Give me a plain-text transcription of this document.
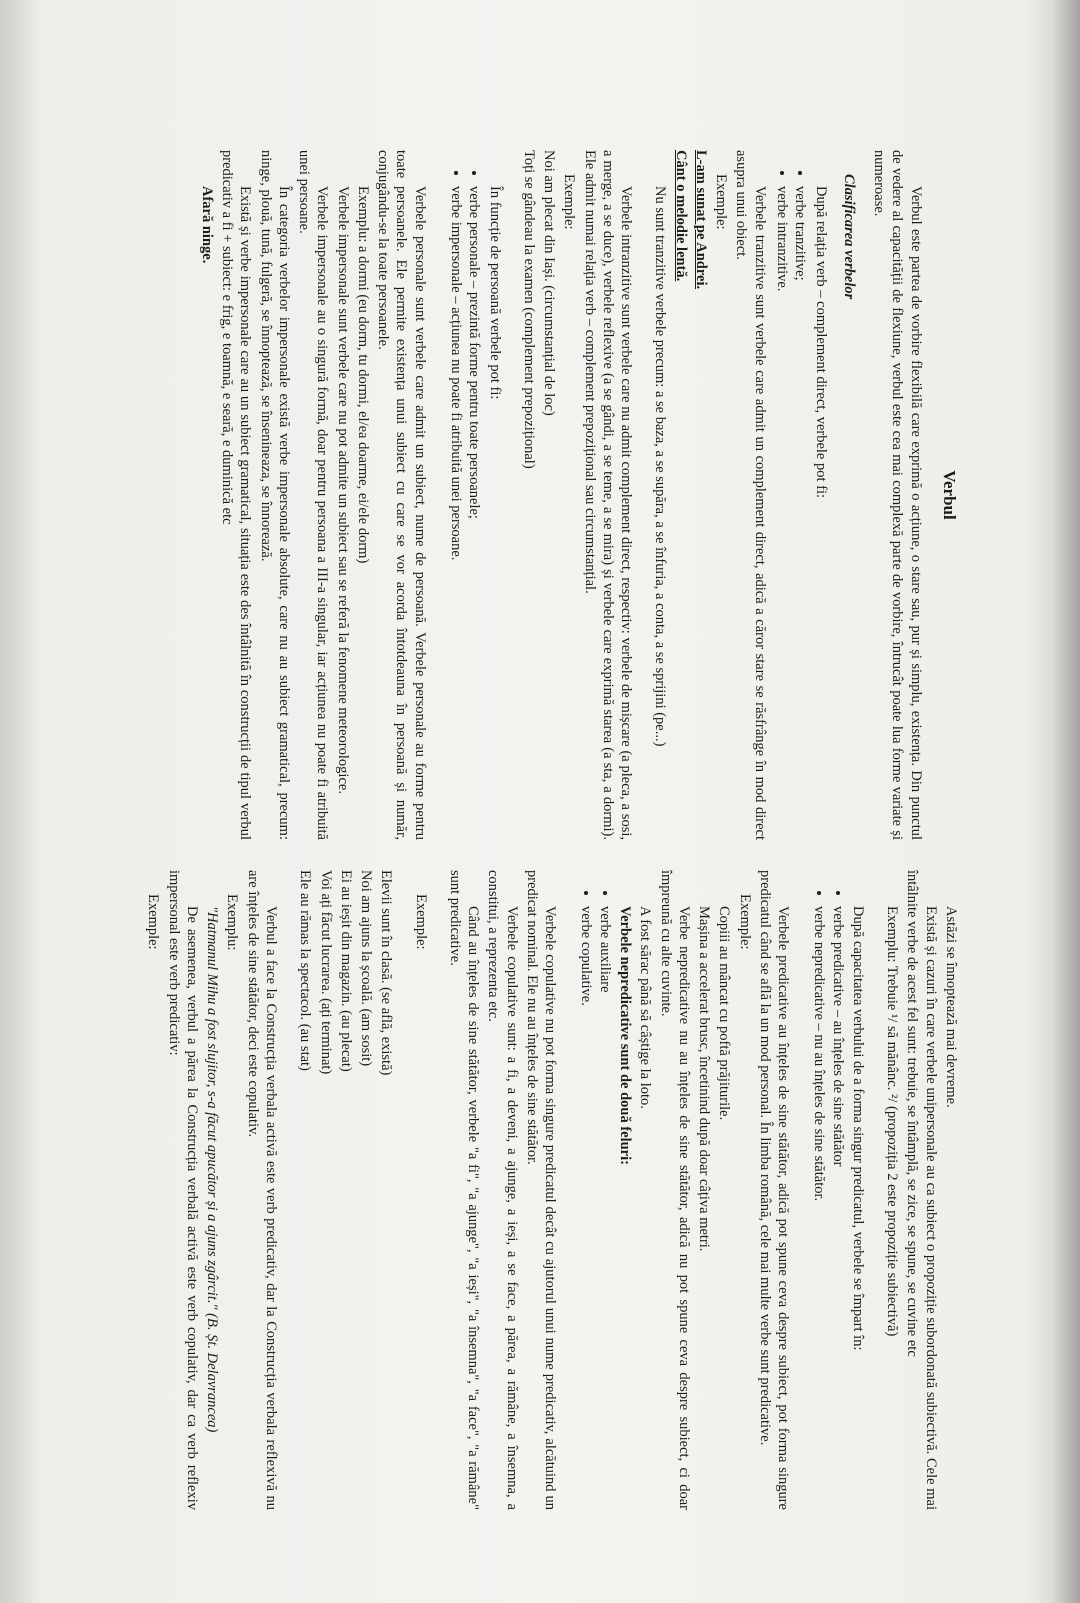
Verbul

Verbul este partea de vorbire flexibilă care exprimă o acțiune, o stare sau, pur și simplu, existența. Din punctul de vedere al capacității de flexiune, verbul este cea mai complexă parte de vorbire, întrucât poate lua forme variate și numeroase.

Clasificarea verbelor

După relația verb – complement direct, verbele pot fi:

• verbe tranzitive;
• verbe intranzitive.

Verbele tranzitive sunt verbele care admit un complement direct, adică a căror stare se răsfrânge în mod direct asupra unui obiect.

Exemple:

L-am sunat pe Andrei.

Cânt o melodie lentă.

Nu sunt tranzitive verbele precum: a se baza, a se supăra, a se înfuria, a conta, a se sprijini (pe...)

Verbele intranzitive sunt verbele care nu admit complement direct, respectiv: verbele de mișcare (a pleca, a sosi, a merge, a se duce), verbele reflexive (a se gândi, a se teme, a se mira) și verbele care exprimă starea (a sta, a dormi). Ele admit numai relația verb – complement prepozițional sau circumstanțial.

Exemple:

Noi am plecat din Iași. (circumstanțial de loc)

Toți se gândeau la examen (complement prepozițional)

În funcție de persoană verbele pot fi:

• verbe personale – prezintă forme pentru toate persoanele;
• verbe impersonale – acțiunea nu poate fi atribuită unei persoane.

Verbele personale sunt verbele care admit un subiect, nume de persoană. Verbele personale au forme pentru toate persoanele. Ele permite existența unui subiect cu care se vor acorda întotdeauna în persoană și număr, conjugându-se la toate persoanele.

Exemplu: a dormi (eu dorm, tu dormi, el/ea doarme, ei/ele dorm)

Verbele impersonale sunt verbele care nu pot admite un subiect sau se referă la fenomene meteorologice.

Verbele impersonale au o singură formă, doar pentru persoana a III-a singular, iar acțiunea nu poate fi atribuită unei persoane.

În categoria verbelor impersonale există verbe impersonale absolute, care nu au subiect gramatical, precum: ninge, plouă, tună, fulgeră, se înnoptează, se însenineaza, se înnorează.

Există și verbe impersonale care au un subiect gramatical, situația este des întâlnită în construcții de tipul verbul predicativ a fi + subiect: e frig, e toamnă, e seară, e duminică etc

Afară ninge.

Astăzi se înnoptează mai devreme.

Există și cazuri în care verbele unipersonale au ca subiect o propoziție subordonată subiectivă. Cele mai întâlnite verbe de acest fel sunt: trebuie, se întâmplă, se zice, se spune, se cuvine etc

Exemplu: Trebuie ¹/ să mănânc. ²/ (propoziția 2 este propoziție subiectivă)

După capacitatea verbului de a forma singur predicatul, verbele se împart în:

• verbe predicative – au înțeles de sine stătător
• verbe nepredicative – nu au înțeles de sine stătător.

Verbele predicative au înțeles de sine stătător, adică pot spune ceva despre subiect, pot forma singure predicatul când se află la un mod personal. În limba română, cele mai multe verbe sunt predicative.

Exemple:

Copiii au mâncat cu poftă prăjiturile.

Mașina a accelerat brusc, încetinind după doar câțiva metri.

Verbe nepredicative nu au înțeles de sine stătător, adică nu pot spune ceva despre subiect, ci doar împreună cu alte cuvinte.

A fost sărac până să câștige la loto.

Verbele nepredicative sunt de două feluri:

• verbe auxiliare
• verbe copulative.

Verbele copulative nu pot forma singure predicatul decât cu ajutorul unui nume predicativ, alcătuind un predicat nominal. Ele nu au înțeles de sine stătător.

Verbele copulative sunt: a fi, a deveni, a ajunge, a ieși, a se face, a părea, a rămâne, a însemna, a constitui, a reprezenta etc.

Când au înțeles de sine stătător, verbele "a fi", "a ajunge", "a ieși", "a însemna", "a face", "a rămâne" sunt predicative.

Exemple:

Elevii sunt în clasă. (se află, există)

Noi am ajuns la școală. (am sosit)

Ei au ieșit din magazin. (au plecat)

Voi ați făcut lucrarea. (ați terminat)

Ele au rămas la spectacol. (au stat)

Verbul a face la Construcția verbala activă este verb predicativ, dar la Construcția verbala reflexivă nu are înțeles de sine stătător, deci este copulativ.

Exemplu:

"Hatmanul Mihu a fost slujitor, s-a făcut apucător și a ajuns zgârcit." (B. Șt. Delavrancea)

De asemenea, verbul a părea la Construcția verbală activă este verb copulativ, dar ca verb reflexiv impersonal este verb predicativ:

Exemple:
